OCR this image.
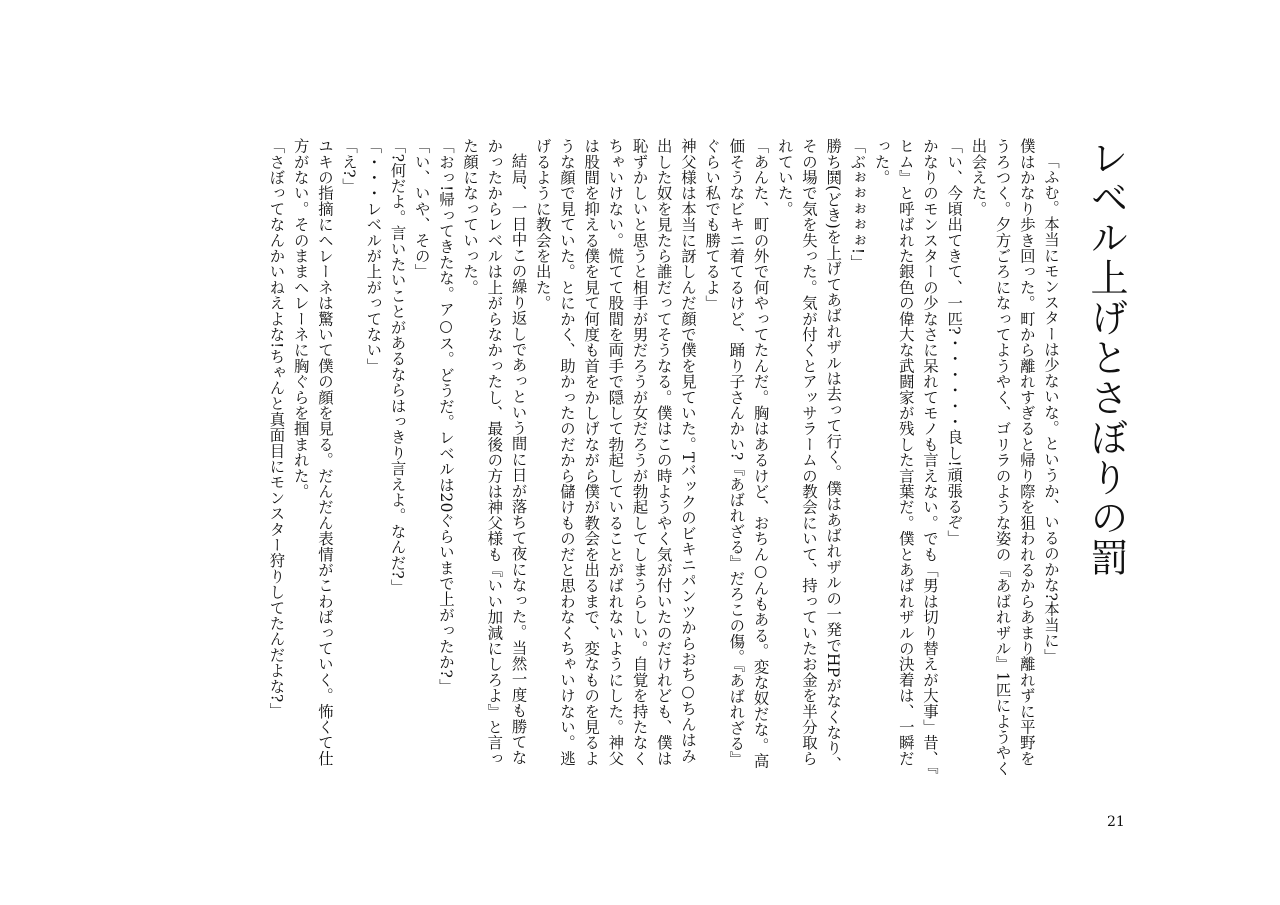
レベル上げとさぼりの罰

「ふむ。本当にモンスターは少ないな。というか、いるのかな?本当に」

僕はかなり歩き回った。町から離れすぎると帰り際を狙われるからあまり離れずに平野をうろつく。夕方ごろになってようやく、ゴリラのような姿の『あばれザル』1匹にようやく出会えた。

「い、今頃出てきて、一匹?・・・・・・良し!頑張るぞ」

かなりのモンスターの少なさに呆れてモノも言えない。でも「男は切り替えが大事」昔、『ヒム』と呼ばれた銀色の偉大な武闘家が残した言葉だ。僕とあばれザルの決着は、一瞬だった。

「ぶぉぉぉぉぉ!」

勝ち鬨(どき)を上げてあばれザルは去って行く。僕はあばれザルの一発でHPがなくなり、その場で気を失った。気が付くとアッサラームの教会にいて、持っていたお金を半分取られていた。

「あんた、町の外で何やってたんだ。胸はあるけど、おちん○んもある。変な奴だな。高価そうなビキニ着てるけど、踊り子さんかい?『あばれざる』だろこの傷。『あばれざる』ぐらい私でも勝てるよ」

神父様は本当に訝しんだ顔で僕を見ていた。Tバックのビキニパンツからおち○ちんはみ出した奴を見たら誰だってそうなる。僕はこの時ようやく気が付いたのだけれども、僕は恥ずかしいと思うと相手が男だろうが女だろうが勃起してしまうらしい。自覚を持たなくちゃいけない。慌てて股間を両手で隠して勃起していることがばれないようにした。神父は股間を抑える僕を見て何度も首をかしげながら僕が教会を出るまで、変なものを見るような顔で見ていた。とにかく、助かったのだから儲けものだと思わなくちゃいけない。逃げるように教会を出た。

結局、一日中この繰り返しであっという間に日が落ちて夜になった。当然一度も勝てなかったからレベルは上がらなかったし、最後の方は神父様も『いい加減にしろよ』と言った顔になっていった。

「おっ!帰ってきたな。ア○ス。どうだ。レベルは20ぐらいまで上がったか?」

「い、いや、その」

「?何だよ。言いたいことがあるならはっきり言えよ。なんだ?」

「・・・レベルが上がってない」

「え?」

ユキの指摘にヘレーネは驚いて僕の顔を見る。だんだん表情がこわばっていく。怖くて仕方がない。そのままヘレーネに胸ぐらを掴まれた。

「さぼってなんかいねえよな!ちゃんと真面目にモンスター狩りしてたんだよな?」

21
